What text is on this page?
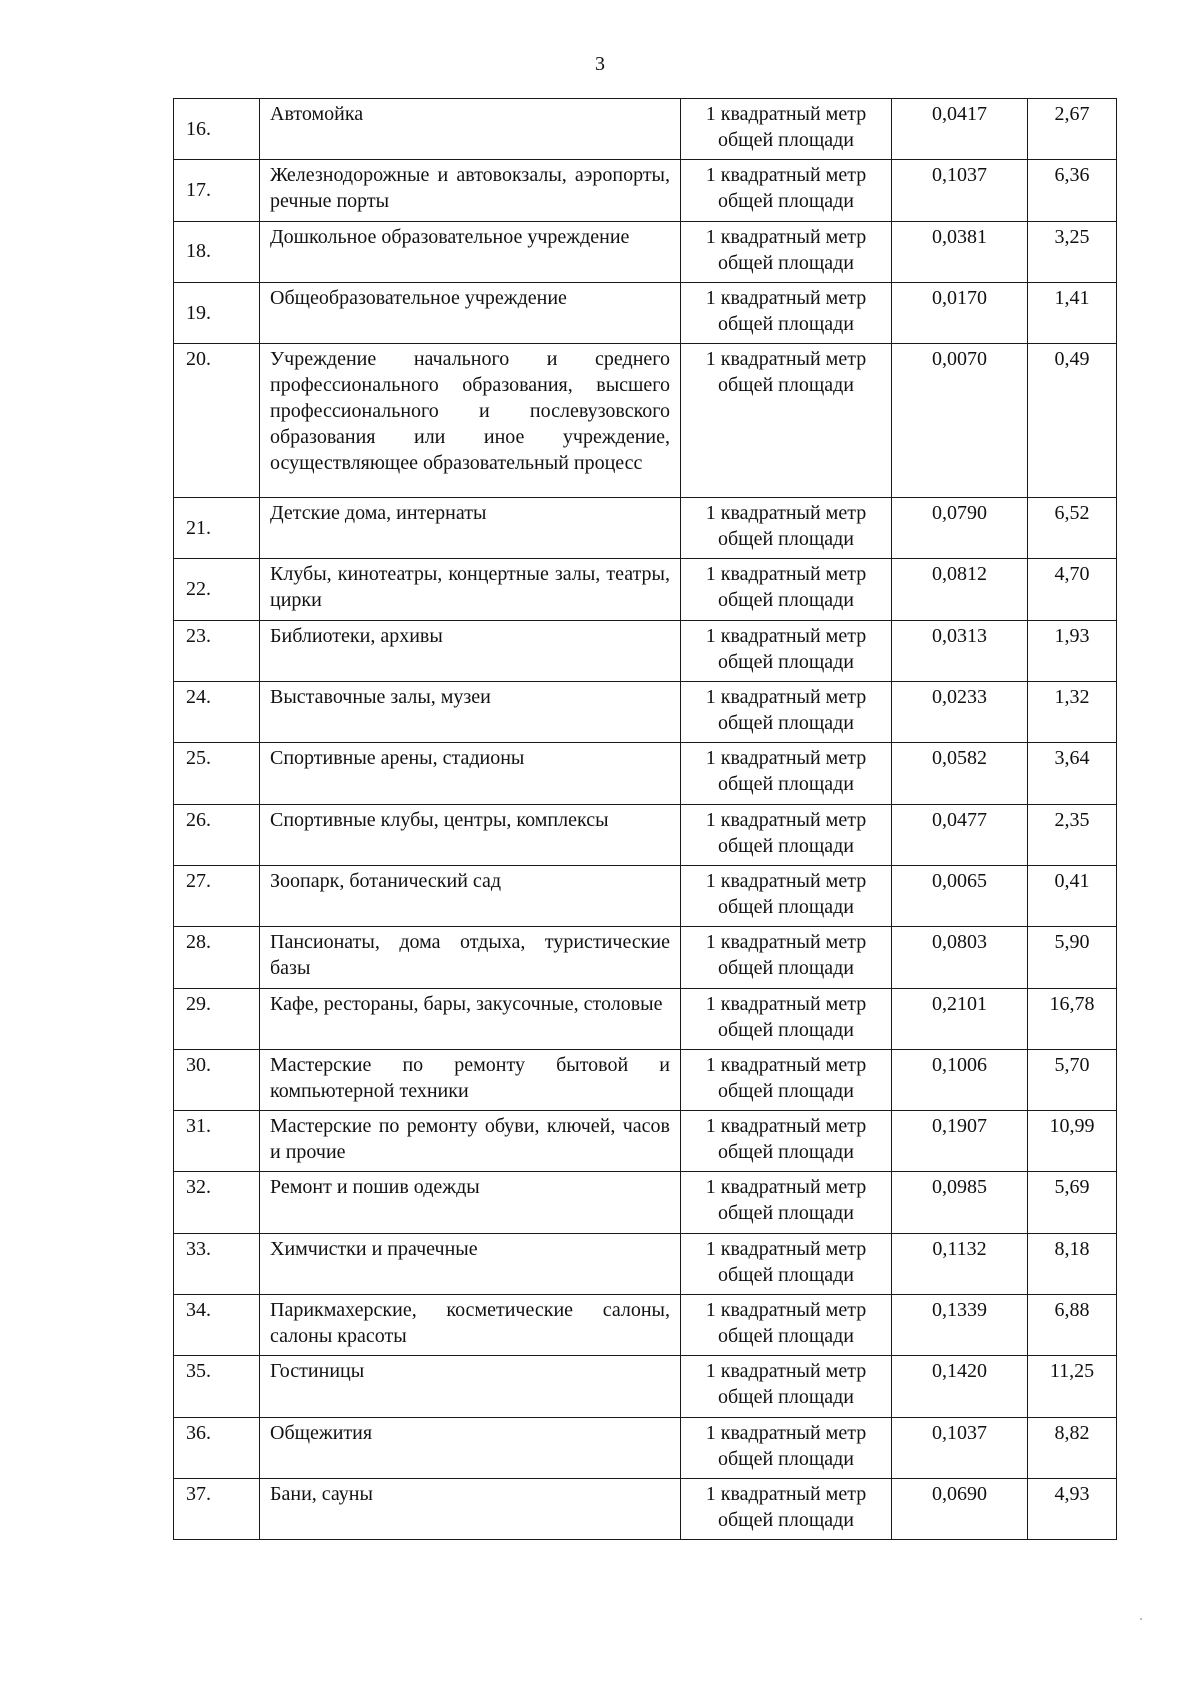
3
16.	Автомойка	1 квадратный метр общей площади	0,0417	2,67
17.	Железнодорожные и автовокзалы, аэропорты, речные порты	1 квадратный метр общей площади	0,1037	6,36
18.	Дошкольное образовательное учреждение	1 квадратный метр общей площади	0,0381	3,25
19.	Общеобразовательное учреждение	1 квадратный метр общей площади	0,0170	1,41
20.	Учреждение начального и среднего профессионального образования, высшего профессионального и послевузовского образования или иное учреждение, осуществляющее образовательный процесс	1 квадратный метр общей площади	0,0070	0,49
21.	Детские дома, интернаты	1 квадратный метр общей площади	0,0790	6,52
22.	Клубы, кинотеатры, концертные залы, театры, цирки	1 квадратный метр общей площади	0,0812	4,70
23.	Библиотеки, архивы	1 квадратный метр общей площади	0,0313	1,93
24.	Выставочные залы, музеи	1 квадратный метр общей площади	0,0233	1,32
25.	Спортивные арены, стадионы	1 квадратный метр общей площади	0,0582	3,64
26.	Спортивные клубы, центры, комплексы	1 квадратный метр общей площади	0,0477	2,35
27.	Зоопарк, ботанический сад	1 квадратный метр общей площади	0,0065	0,41
28.	Пансионаты, дома отдыха, туристические базы	1 квадратный метр общей площади	0,0803	5,90
29.	Кафе, рестораны, бары, закусочные, столовые	1 квадратный метр общей площади	0,2101	16,78
30.	Мастерские по ремонту бытовой и компьютерной техники	1 квадратный метр общей площади	0,1006	5,70
31.	Мастерские по ремонту обуви, ключей, часов и прочие	1 квадратный метр общей площади	0,1907	10,99
32.	Ремонт и пошив одежды	1 квадратный метр общей площади	0,0985	5,69
33.	Химчистки и прачечные	1 квадратный метр общей площади	0,1132	8,18
34.	Парикмахерские, косметические салоны, салоны красоты	1 квадратный метр общей площади	0,1339	6,88
35.	Гостиницы	1 квадратный метр общей площади	0,1420	11,25
36.	Общежития	1 квадратный метр общей площади	0,1037	8,82
37.	Бани, сауны	1 квадратный метр общей площади	0,0690	4,93
